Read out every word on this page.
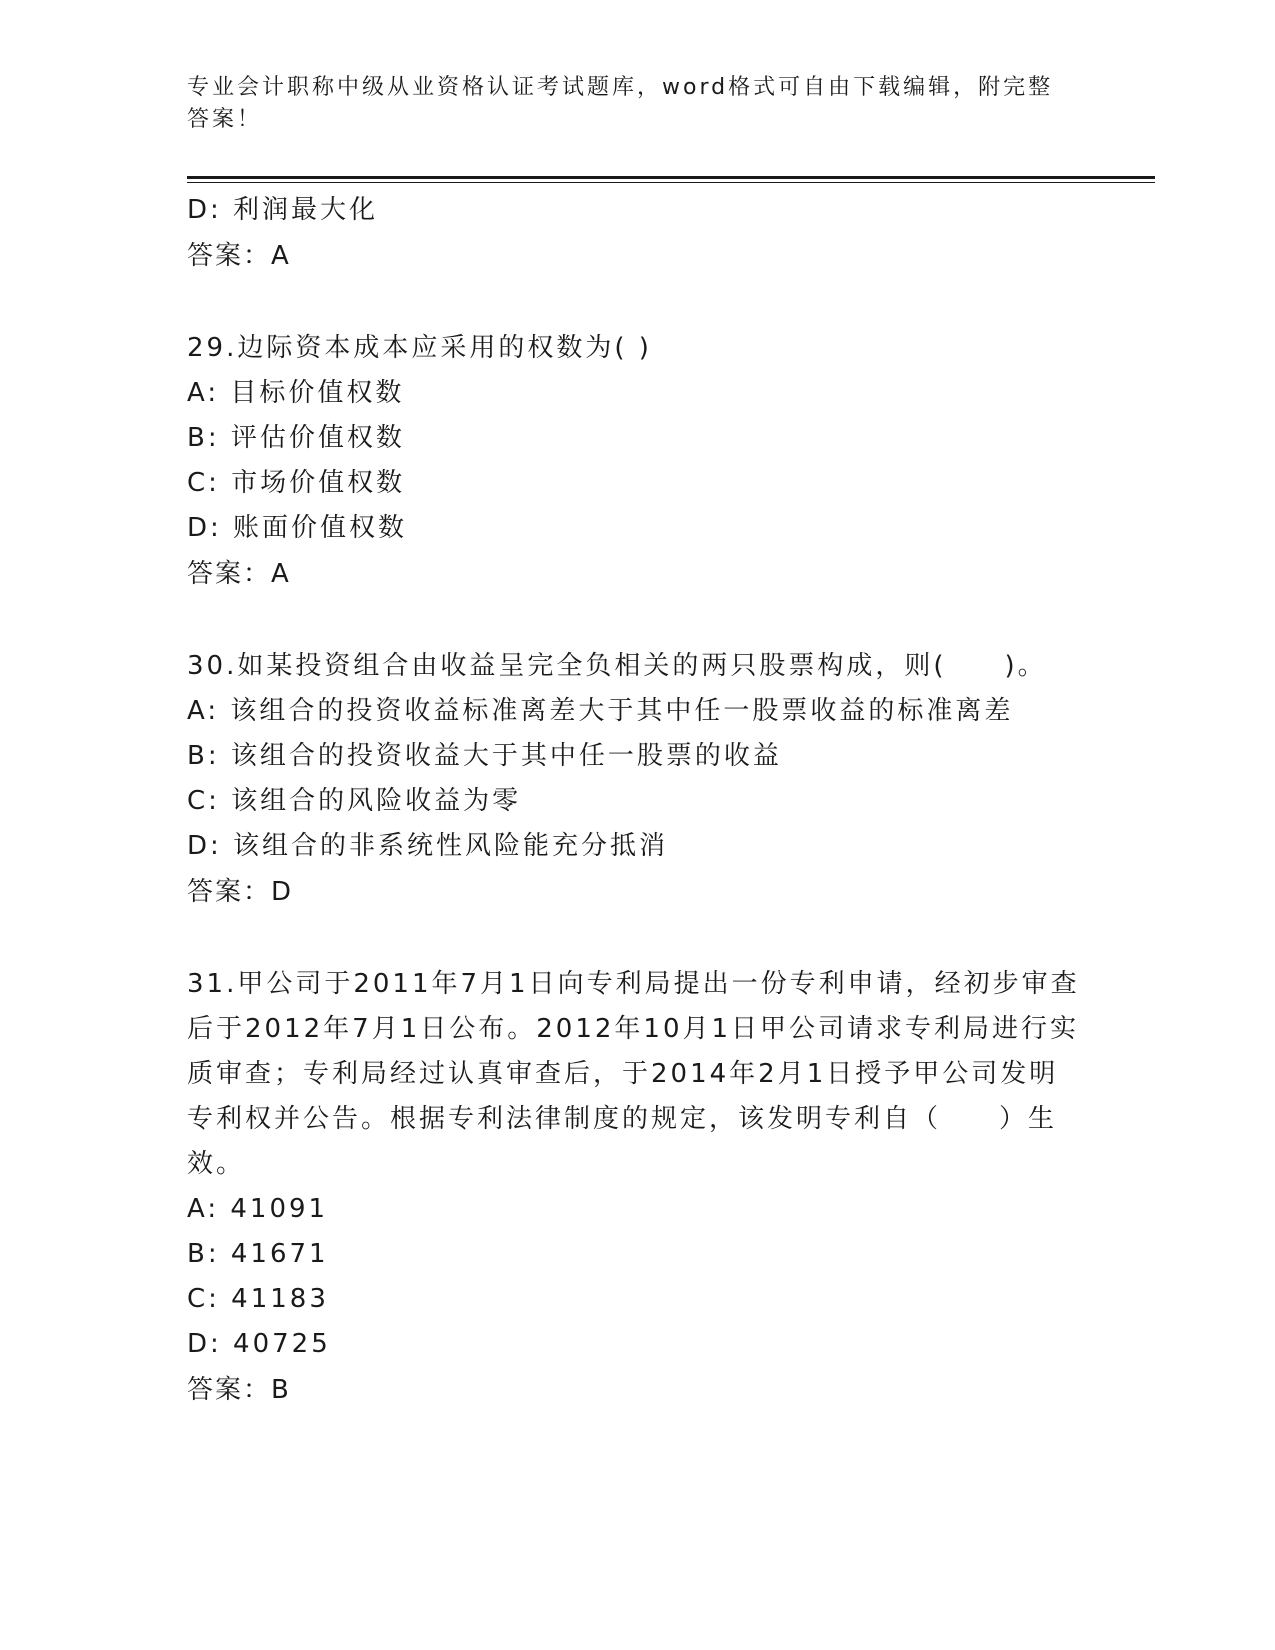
专业会计职称中级从业资格认证考试题库，word格式可自由下载编辑，附完整答案！
D: 利润最大化
答案：A
29.边际资本成本应采用的权数为( )
A: 目标价值权数
B: 评估价值权数
C: 市场价值权数
D: 账面价值权数
答案：A
30.如某投资组合由收益呈完全负相关的两只股票构成，则(　　)。
A: 该组合的投资收益标准离差大于其中任一股票收益的标准离差
B: 该组合的投资收益大于其中任一股票的收益
C: 该组合的风险收益为零
D: 该组合的非系统性风险能充分抵消
答案：D
31.甲公司于2011年7月1日向专利局提出一份专利申请，经初步审查后于2012年7月1日公布。2012年10月1日甲公司请求专利局进行实质审查；专利局经过认真审查后，于2014年2月1日授予甲公司发明专利权并公告。根据专利法律制度的规定，该发明专利自（　　）生效。
A: 41091
B: 41671
C: 41183
D: 40725
答案：B
